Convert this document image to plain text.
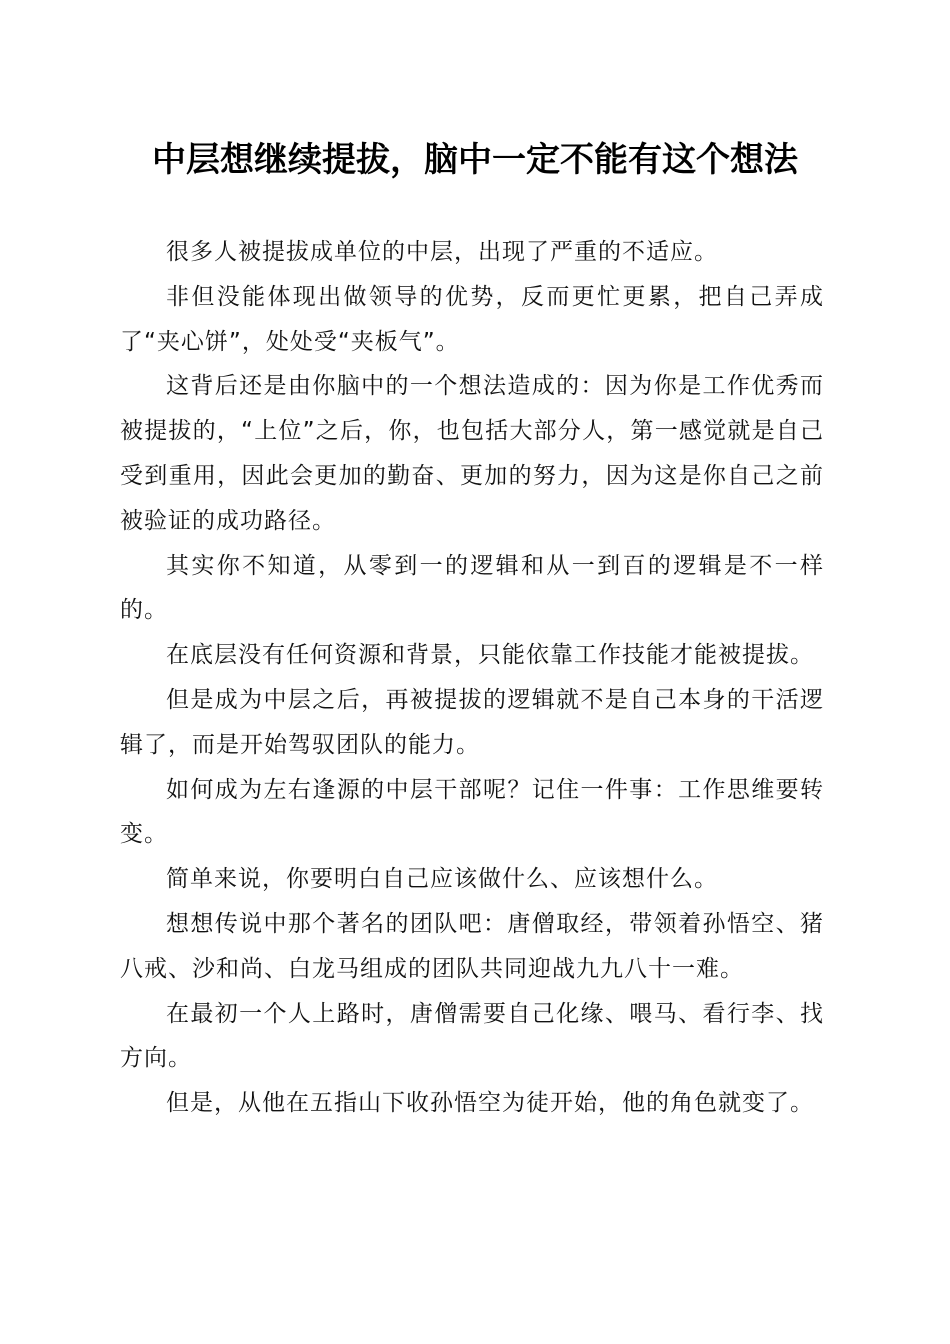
中层想继续提拔，脑中一定不能有这个想法

很多人被提拔成单位的中层，出现了严重的不适应。

非但没能体现出做领导的优势，反而更忙更累，把自己弄成了“夹心饼”，处处受“夹板气”。

这背后还是由你脑中的一个想法造成的：因为你是工作优秀而被提拔的，“上位”之后，你，也包括大部分人，第一感觉就是自己受到重用，因此会更加的勤奋、更加的努力，因为这是你自己之前被验证的成功路径。

其实你不知道，从零到一的逻辑和从一到百的逻辑是不一样的。

在底层没有任何资源和背景，只能依靠工作技能才能被提拔。

但是成为中层之后，再被提拔的逻辑就不是自己本身的干活逻辑了，而是开始驾驭团队的能力。

如何成为左右逢源的中层干部呢？记住一件事：工作思维要转变。

简单来说，你要明白自己应该做什么、应该想什么。

想想传说中那个著名的团队吧：唐僧取经，带领着孙悟空、猪八戒、沙和尚、白龙马组成的团队共同迎战九九八十一难。

在最初一个人上路时，唐僧需要自己化缘、喂马、看行李、找方向。

但是，从他在五指山下收孙悟空为徒开始，他的角色就变了。
